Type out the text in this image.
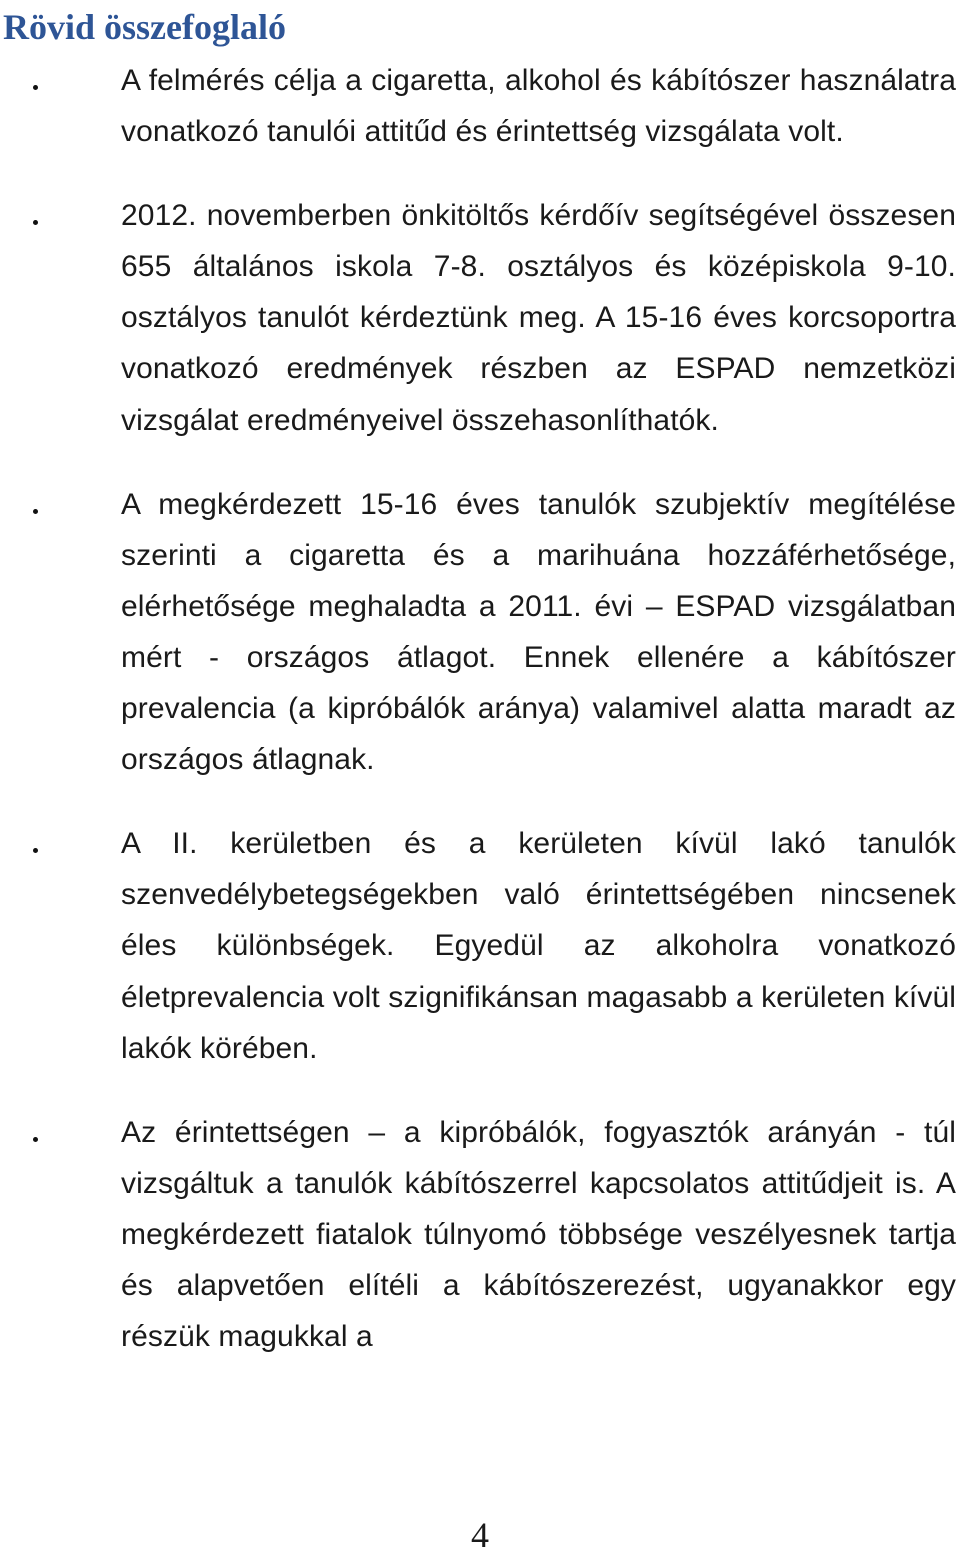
Rövid összefoglaló
A felmérés célja a cigaretta, alkohol és kábítószer használatra vonatkozó tanulói attitűd és érintettség vizsgálata volt.
2012. novemberben önkitöltős kérdőív segítségével összesen 655 általános iskola 7-8. osztályos és középiskola 9-10. osztályos tanulót kérdeztünk meg. A 15-16 éves korcsoportra vonatkozó eredmények részben az ESPAD nemzetközi vizsgálat eredményeivel összehasonlíthatók.
A megkérdezett 15-16 éves tanulók szubjektív megítélése szerinti a cigaretta és a marihuána hozzáférhetősége, elérhetősége meghaladta a 2011. évi – ESPAD vizsgálatban mért - országos átlagot. Ennek ellenére a kábítószer prevalencia (a kipróbálók aránya) valamivel alatta maradt az országos átlagnak.
A II. kerületben és a kerületen kívül lakó tanulók szenvedélybetegségekben való érintettségében nincsenek éles különbségek. Egyedül az alkoholra vonatkozó életprevalencia volt szignifikánsan magasabb a kerületen kívül lakók körében.
Az érintettségen – a kipróbálók, fogyasztók arányán - túl vizsgáltuk a tanulók kábítószerrel kapcsolatos attitűdjeit is. A megkérdezett fiatalok túlnyomó többsége veszélyesnek tartja és alapvetően elítéli a kábítószerezést, ugyanakkor egy részük magukkal a
4
